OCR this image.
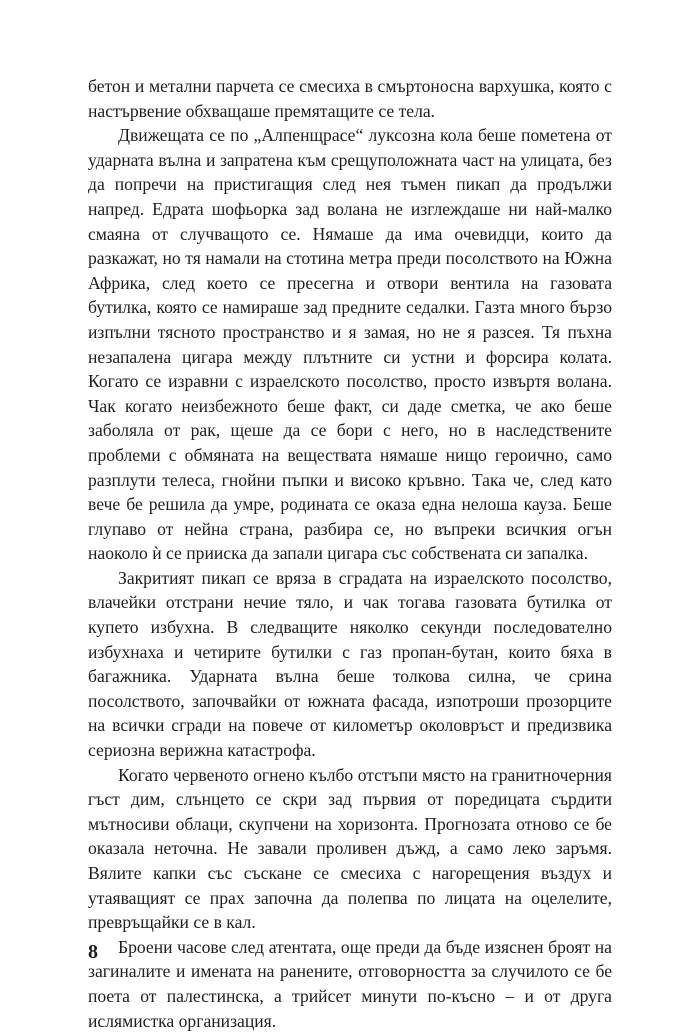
бетон и метални парчета се смесиха в смъртоносна вархушка, която с настървение обхващаше премятащите се тела.

Движещата се по „Алпенщрасе“ луксозна кола беше пометена от ударната вълна и запратена към срещуположната част на улицата, без да попречи на пристигащия след нея тъмен пикап да продължи напред. Едрата шофьорка зад волана не изглеждаше ни най-малко смаяна от случващото се. Нямаше да има очевидци, които да разкажат, но тя намали на стотина метра преди посолството на Южна Африка, след което се пресегна и отвори вентила на газовата бутилка, която се намираше зад предните седалки. Газта много бързо изпълни тясното пространство и я замая, но не я разсея. Тя пъхна незапалена цигара между плътните си устни и форсира колата. Когато се изравни с израелското посолство, просто извъртя волана. Чак когато неизбежното беше факт, си даде сметка, че ако беше заболяла от рак, щеше да се бори с него, но в наследствените проблеми с обмяната на веществата нямаше нищо героично, само разплути телеса, гнойни пъпки и високо кръвно. Така че, след като вече бе решила да умре, родината се оказа една нелоша кауза. Беше глупаво от нейна страна, разбира се, но въпреки всичкия огън наоколо ѝ се прииска да запали цигара със собствената си запалка.

Закритият пикап се вряза в сградата на израелското посолство, влачейки отстрани нечие тяло, и чак тогава газовата бутилка от купето избухна. В следващите няколко секунди последователно избухнаха и четирите бутилки с газ пропан-бутан, които бяха в багажника. Ударната вълна беше толкова силна, че срина посолството, започвайки от южната фасада, изпотроши прозорците на всички сгради на повече от километър околовръст и предизвика сериозна верижна катастрофа.

Когато червеното огнено кълбо отстъпи място на гранитночерния гъст дим, слънцето се скри зад първия от поредицата сърдити мътносиви облаци, скупчени на хоризонта. Прогнозата отново се бе оказала неточна. Не завали проливен дъжд, а само леко заръмя. Вялите капки със съскане се смесиха с нагорещения въздух и утаяващият се прах започна да полепва по лицата на оцелелите, превръщайки се в кал.

Броени часове след атентата, още преди да бъде изяснен броят на загиналите и имената на ранените, отговорността за случилото се бе поета от палестинска, а трийсет минути по-късно – и от друга ислямистка организация.

8
